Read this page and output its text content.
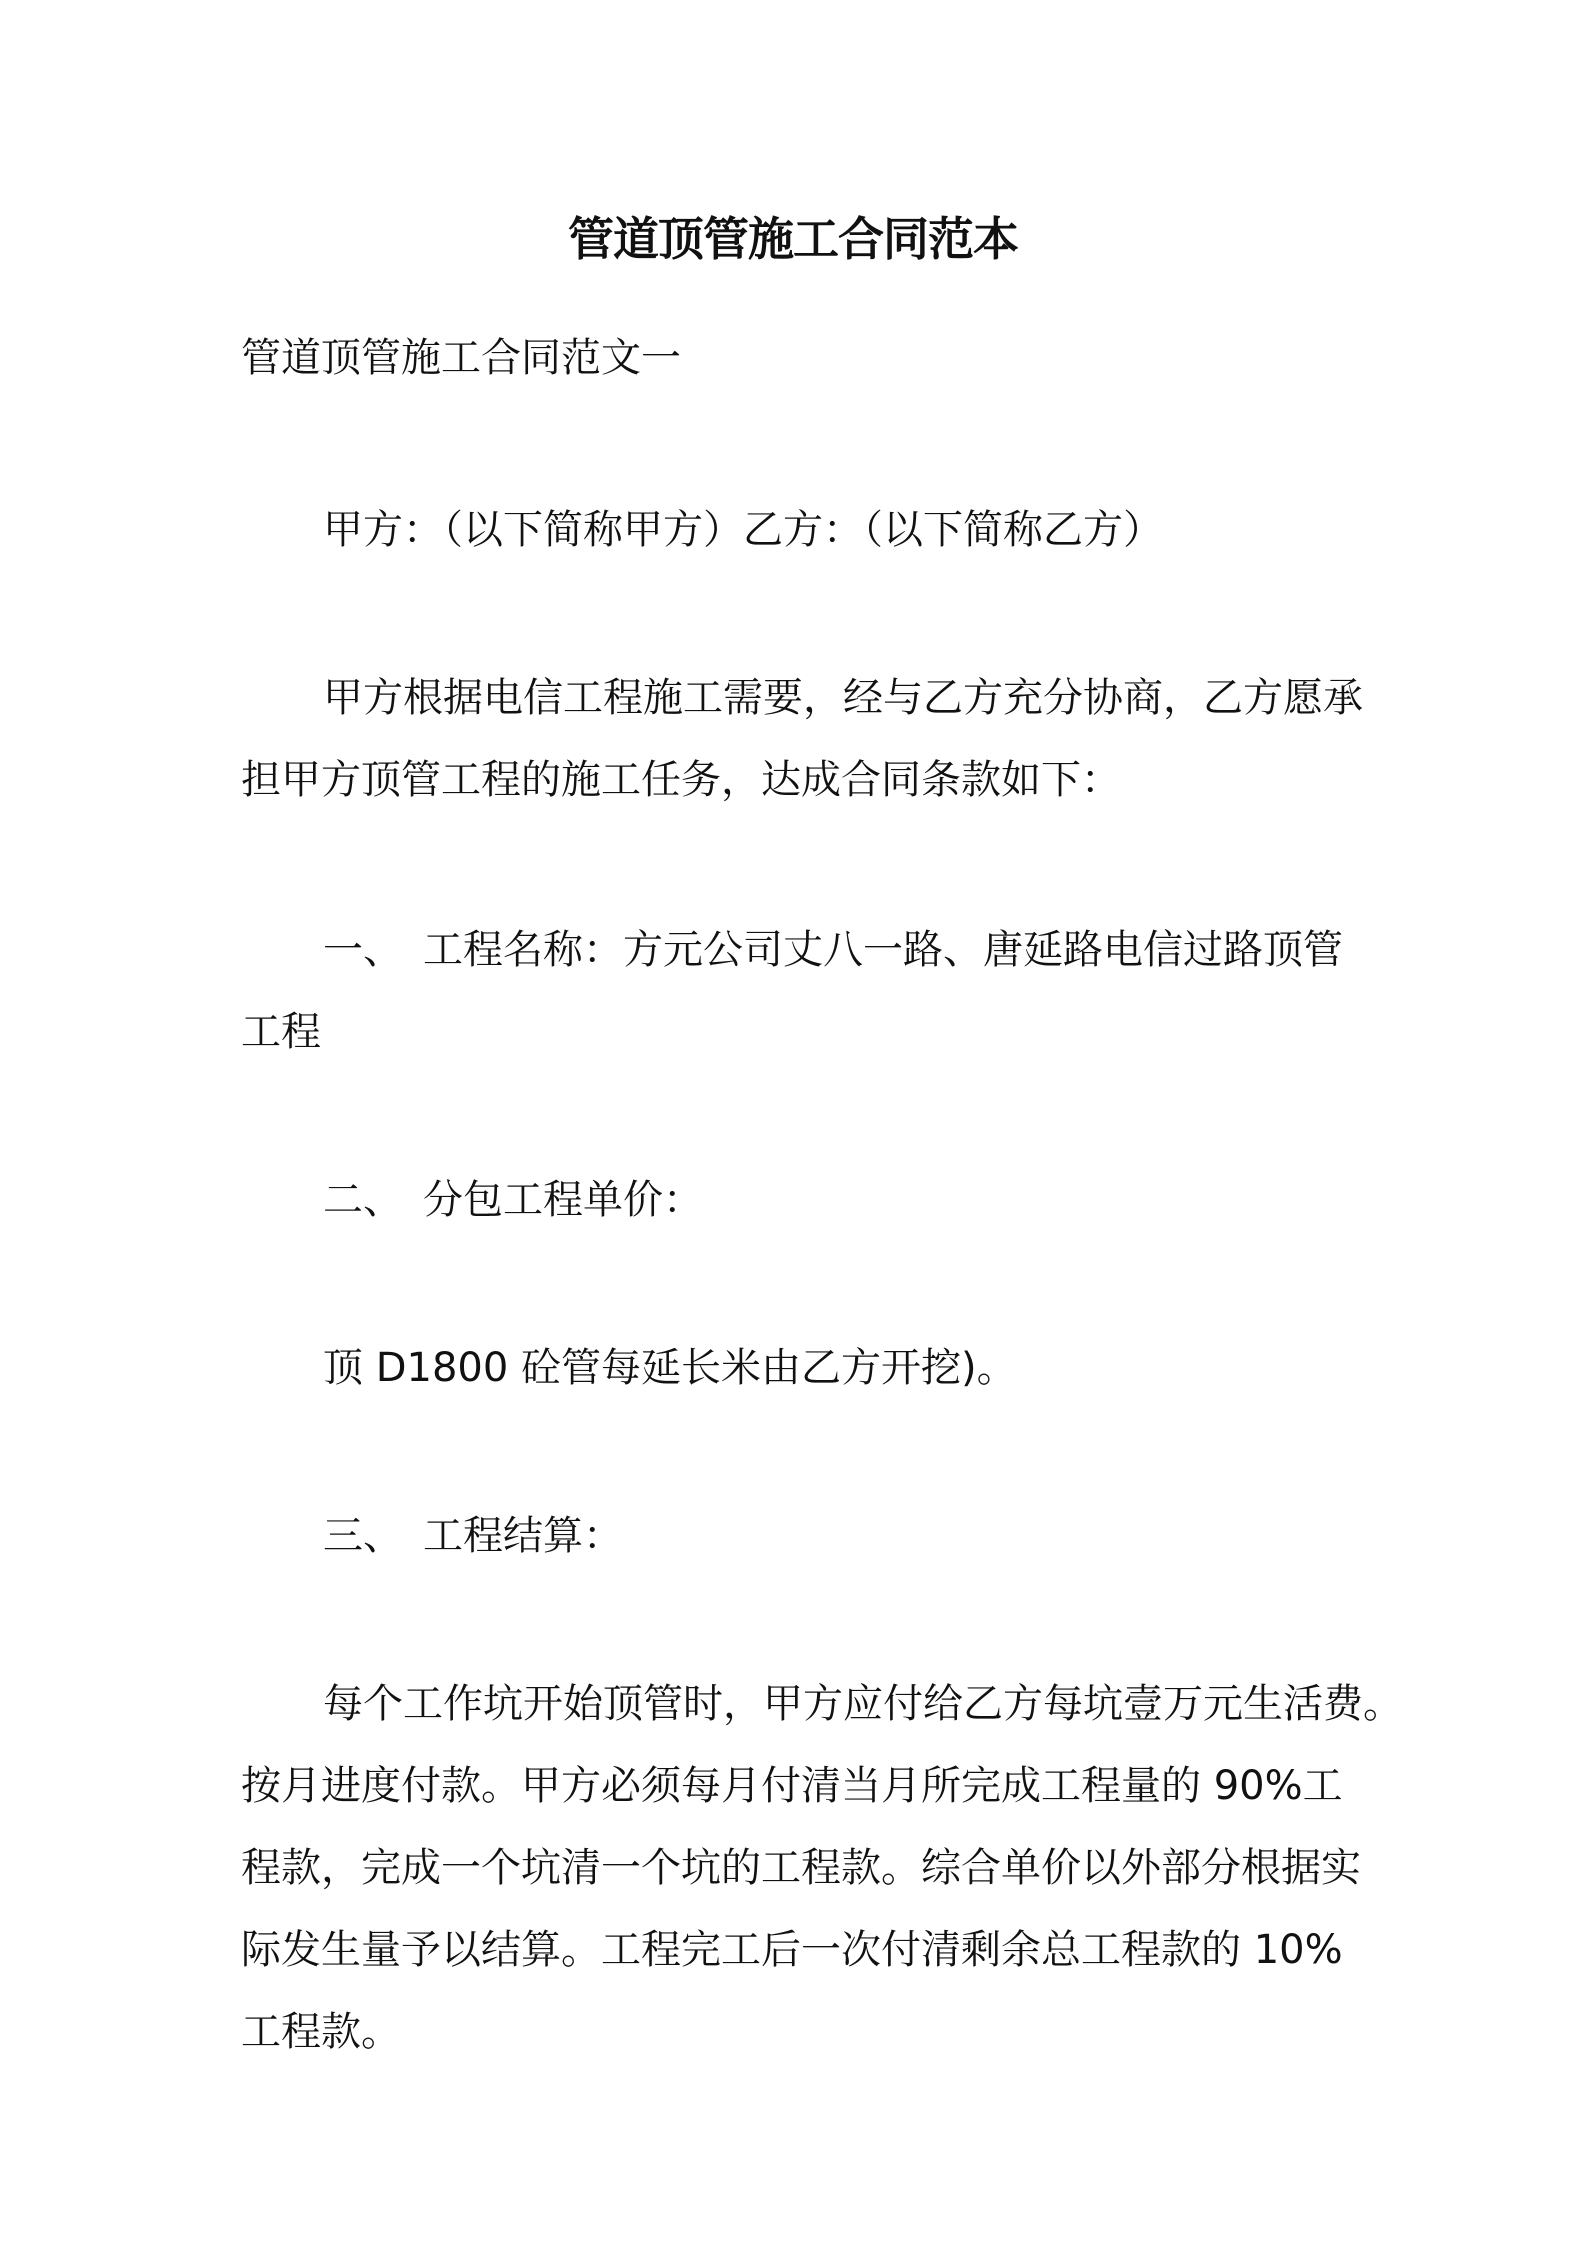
管道顶管施工合同范本
管道顶管施工合同范文一
甲方：（以下简称甲方）乙方：（以下简称乙方）
甲方根据电信工程施工需要，经与乙方充分协商，乙方愿承
担甲方顶管工程的施工任务，达成合同条款如下：
一、 工程名称：方元公司丈八一路、唐延路电信过路顶管
工程
二、 分包工程单价：
顶 D1800 砼管每延长米由乙方开挖)。
三、 工程结算：
每个工作坑开始顶管时，甲方应付给乙方每坑壹万元生活费。
按月进度付款。甲方必须每月付清当月所完成工程量的 90%工
程款，完成一个坑清一个坑的工程款。综合单价以外部分根据实
际发生量予以结算。工程完工后一次付清剩余总工程款的 10%
工程款。
